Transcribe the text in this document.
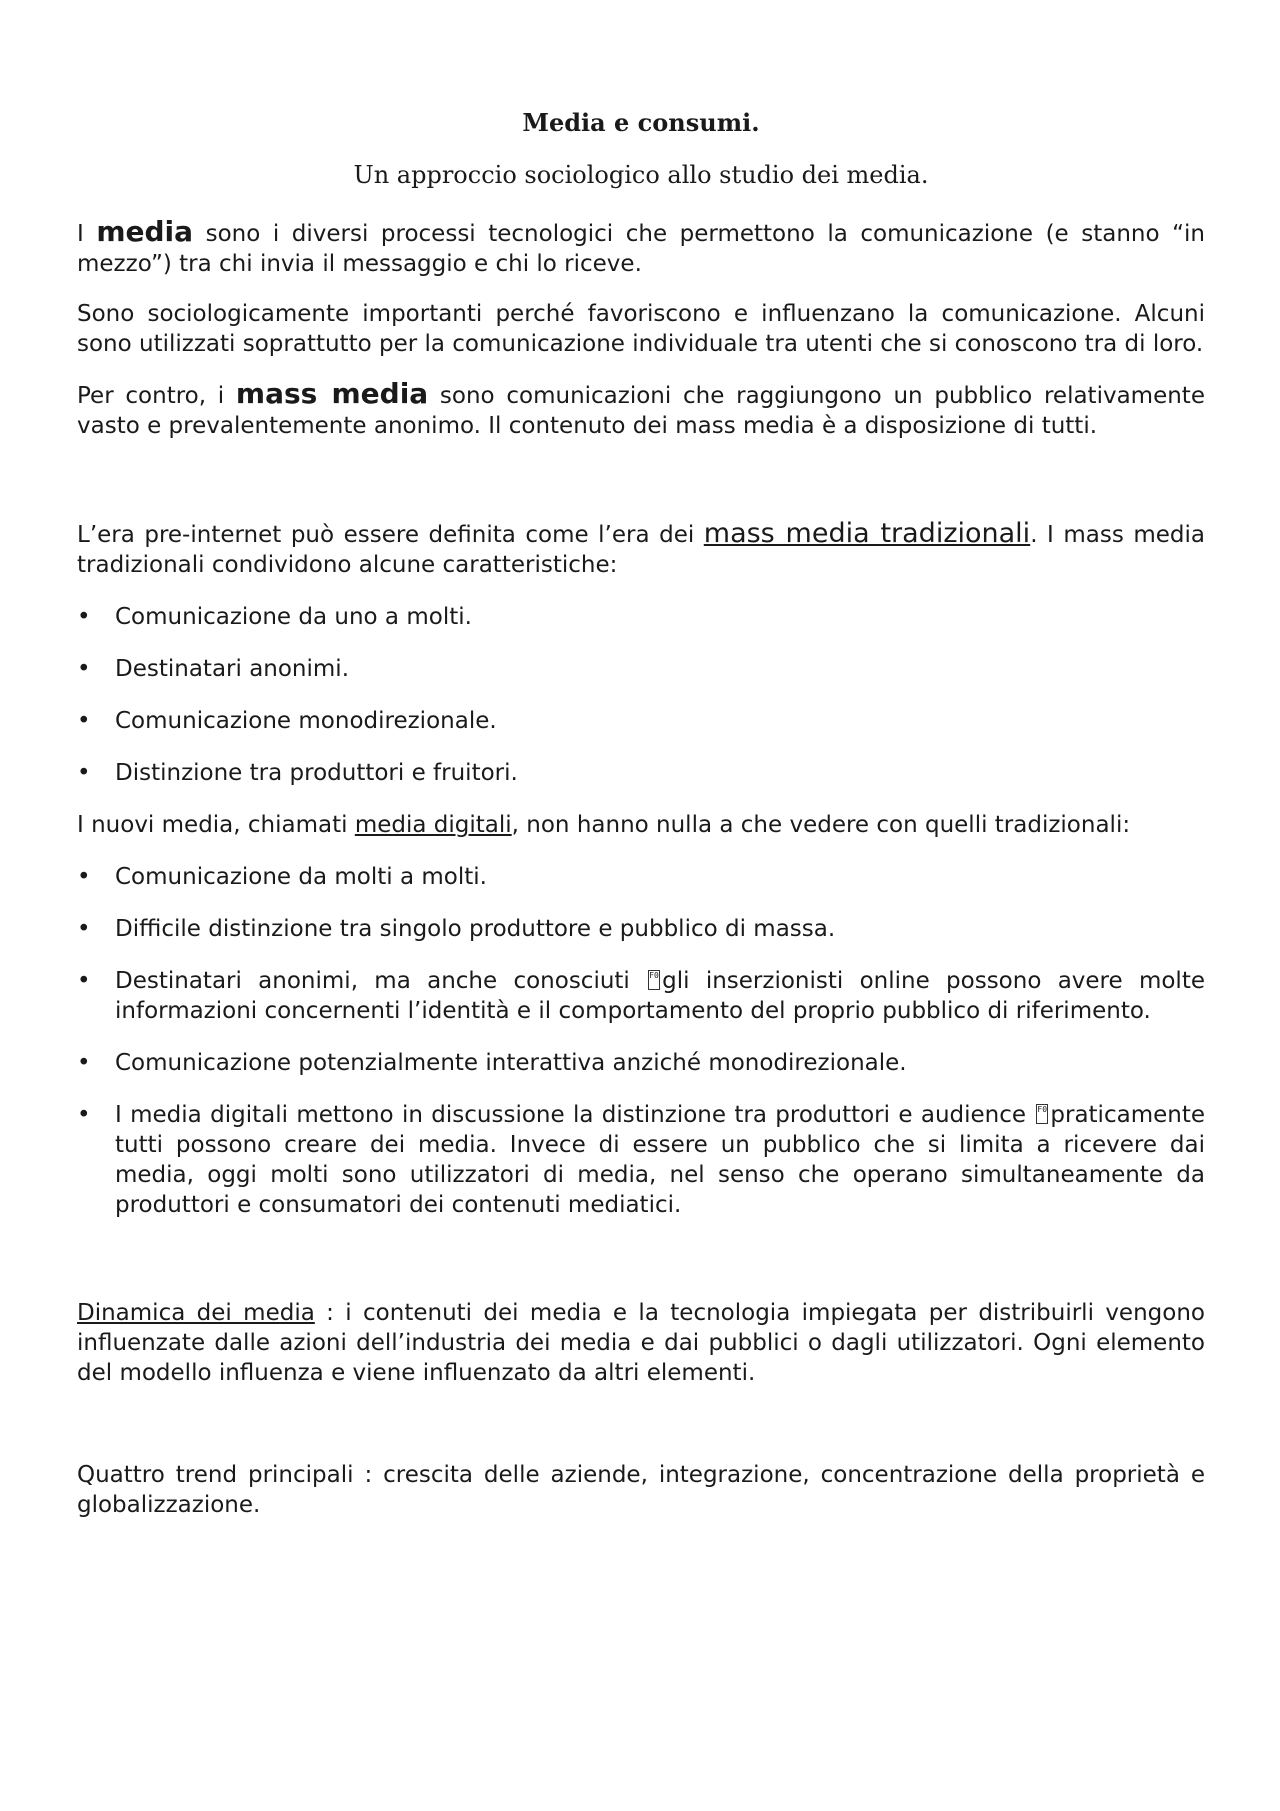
Media e consumi.

Un approccio sociologico allo studio dei media.

I media sono i diversi processi tecnologici che permettono la comunicazione (e stanno “in mezzo”) tra chi invia il messaggio e chi lo riceve.

Sono sociologicamente importanti perché favoriscono e influenzano la comunicazione. Alcuni sono utilizzati soprattutto per la comunicazione individuale tra utenti che si conoscono tra di loro.

Per contro, i mass media sono comunicazioni che raggiungono un pubblico relativamente vasto e prevalentemente anonimo. Il contenuto dei mass media è a disposizione di tutti.

L’era pre-internet può essere definita come l’era dei mass media tradizionali. I mass media tradizionali condividono alcune caratteristiche:

•	Comunicazione da uno a molti.
•	Destinatari anonimi.
•	Comunicazione monodirezionale.
•	Distinzione tra produttori e fruitori.

I nuovi media, chiamati media digitali, non hanno nulla a che vedere con quelli tradizionali:

•	Comunicazione da molti a molti.
•	Difficile distinzione tra singolo produttore e pubblico di massa.
•	Destinatari anonimi, ma anche conosciuti F0 gli inserzionisti online possono avere molte informazioni concernenti l’identità e il comportamento del proprio pubblico di riferimento.
•	Comunicazione potenzialmente interattiva anziché monodirezionale.
•	I media digitali mettono in discussione la distinzione tra produttori e audience F0 praticamente tutti possono creare dei media. Invece di essere un pubblico che si limita a ricevere dai media, oggi molti sono utilizzatori di media, nel senso che operano simultaneamente da produttori e consumatori dei contenuti mediatici.

Dinamica dei media : i contenuti dei media e la tecnologia impiegata per distribuirli vengono influenzate dalle azioni dell’industria dei media e dai pubblici o dagli utilizzatori. Ogni elemento del modello influenza e viene influenzato da altri elementi.

Quattro trend principali : crescita delle aziende, integrazione, concentrazione della proprietà e globalizzazione.
